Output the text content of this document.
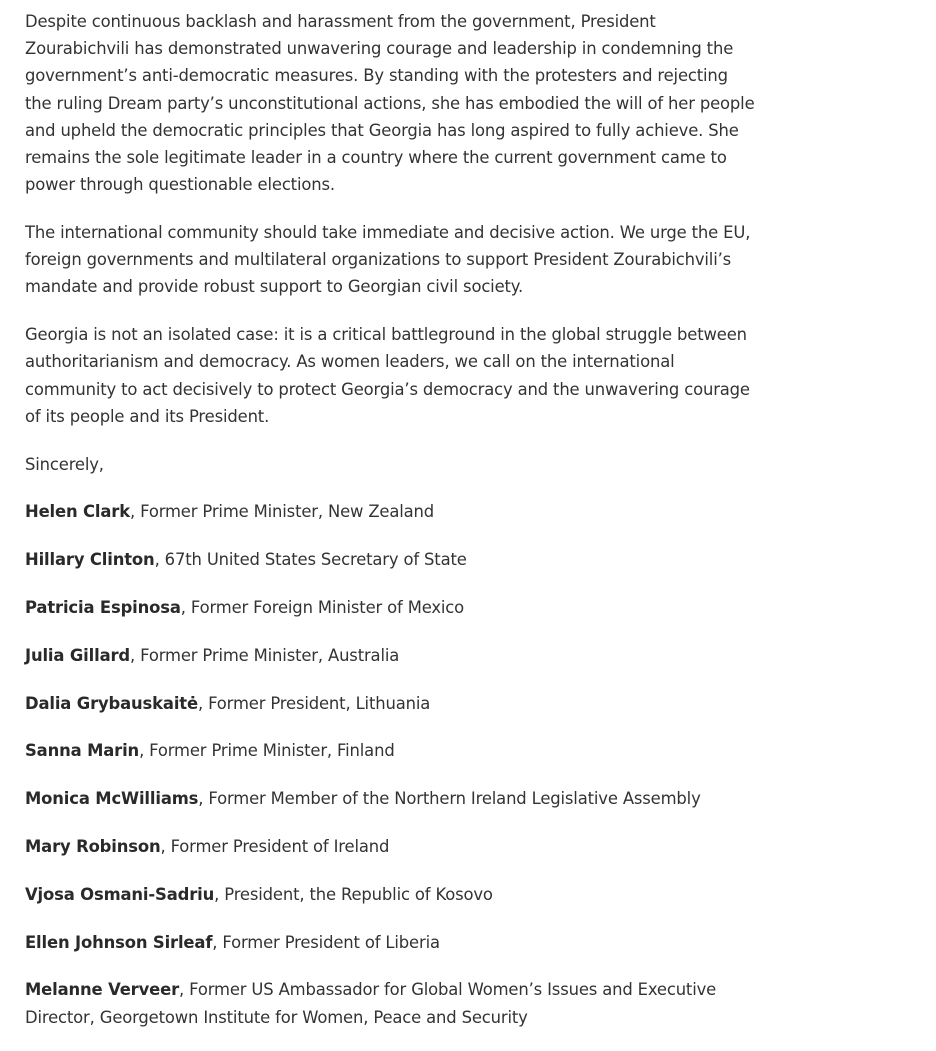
Despite continuous backlash and harassment from the government, President Zourabichvili has demonstrated unwavering courage and leadership in condemning the government’s anti-democratic measures. By standing with the protesters and rejecting the ruling Dream party’s unconstitutional actions, she has embodied the will of her people and upheld the democratic principles that Georgia has long aspired to fully achieve. She remains the sole legitimate leader in a country where the current government came to power through questionable elections.

The international community should take immediate and decisive action. We urge the EU, foreign governments and multilateral organizations to support President Zourabichvili’s mandate and provide robust support to Georgian civil society.

Georgia is not an isolated case: it is a critical battleground in the global struggle between authoritarianism and democracy. As women leaders, we call on the international community to act decisively to protect Georgia’s democracy and the unwavering courage of its people and its President.

Sincerely,

Helen Clark, Former Prime Minister, New Zealand

Hillary Clinton, 67th United States Secretary of State

Patricia Espinosa, Former Foreign Minister of Mexico

Julia Gillard, Former Prime Minister, Australia

Dalia Grybauskaitė, Former President, Lithuania

Sanna Marin, Former Prime Minister, Finland

Monica McWilliams, Former Member of the Northern Ireland Legislative Assembly

Mary Robinson, Former President of Ireland

Vjosa Osmani-Sadriu, President, the Republic of Kosovo

Ellen Johnson Sirleaf, Former President of Liberia

Melanne Verveer, Former US Ambassador for Global Women’s Issues and Executive Director, Georgetown Institute for Women, Peace and Security
